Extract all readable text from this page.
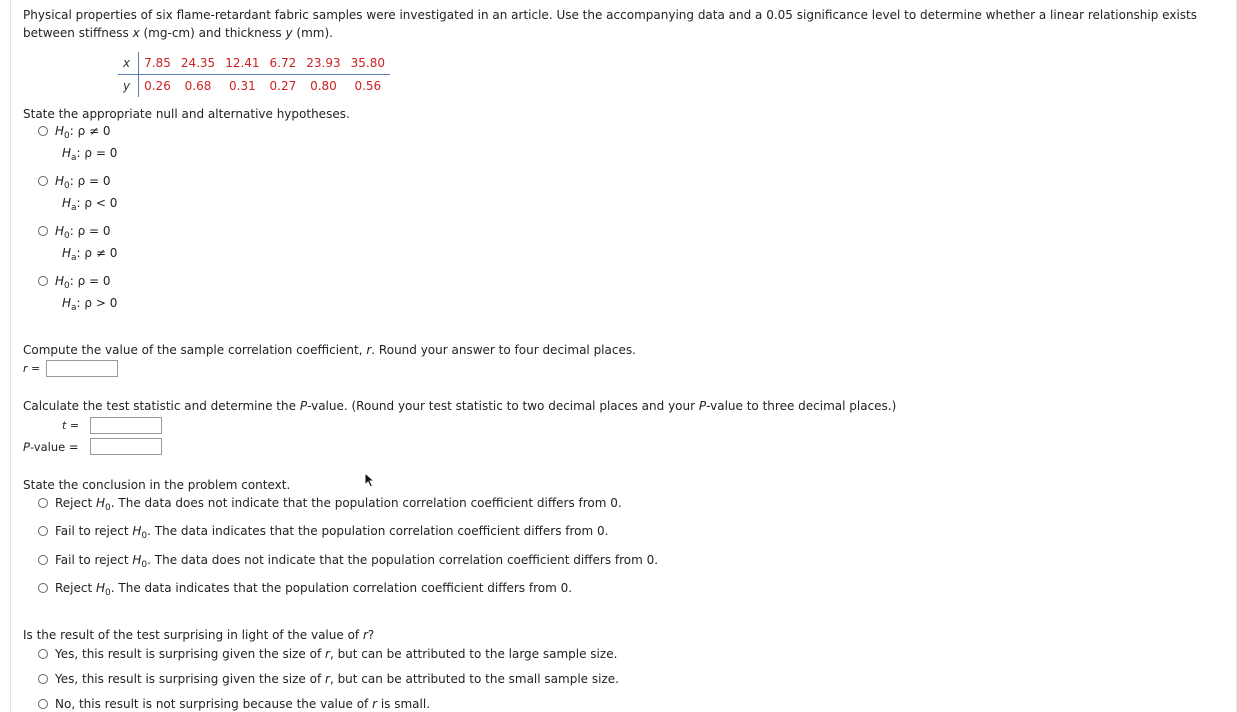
Physical properties of six flame-retardant fabric samples were investigated in an article. Use the accompanying data and a 0.05 significance level to determine whether a linear relationship exists between stiffness x (mg-cm) and thickness y (mm).
x	7.85	24.35	12.41	6.72	23.93	35.80
y	0.26	0.68	0.31	0.27	0.80	0.56
State the appropriate null and alternative hypotheses.
$H_0$: ρ ≠ 0
$H_a$: ρ = 0
$H_0$: ρ = 0
$H_a$: ρ < 0
$H_0$: ρ = 0
$H_a$: ρ ≠ 0
$H_0$: ρ = 0
$H_a$: ρ > 0
Compute the value of the sample correlation coefficient, r. Round your answer to four decimal places.
r =
Calculate the test statistic and determine the P-value. (Round your test statistic to two decimal places and your P-value to three decimal places.)
t =
P-value =
State the conclusion in the problem context.
Reject $H_0$. The data does not indicate that the population correlation coefficient differs from 0.
Fail to reject $H_0$. The data indicates that the population correlation coefficient differs from 0.
Fail to reject $H_0$. The data does not indicate that the population correlation coefficient differs from 0.
Reject $H_0$. The data indicates that the population correlation coefficient differs from 0.
Is the result of the test surprising in light of the value of r?
Yes, this result is surprising given the size of r, but can be attributed to the large sample size.
Yes, this result is surprising given the size of r, but can be attributed to the small sample size.
No, this result is not surprising because the value of r is small.
